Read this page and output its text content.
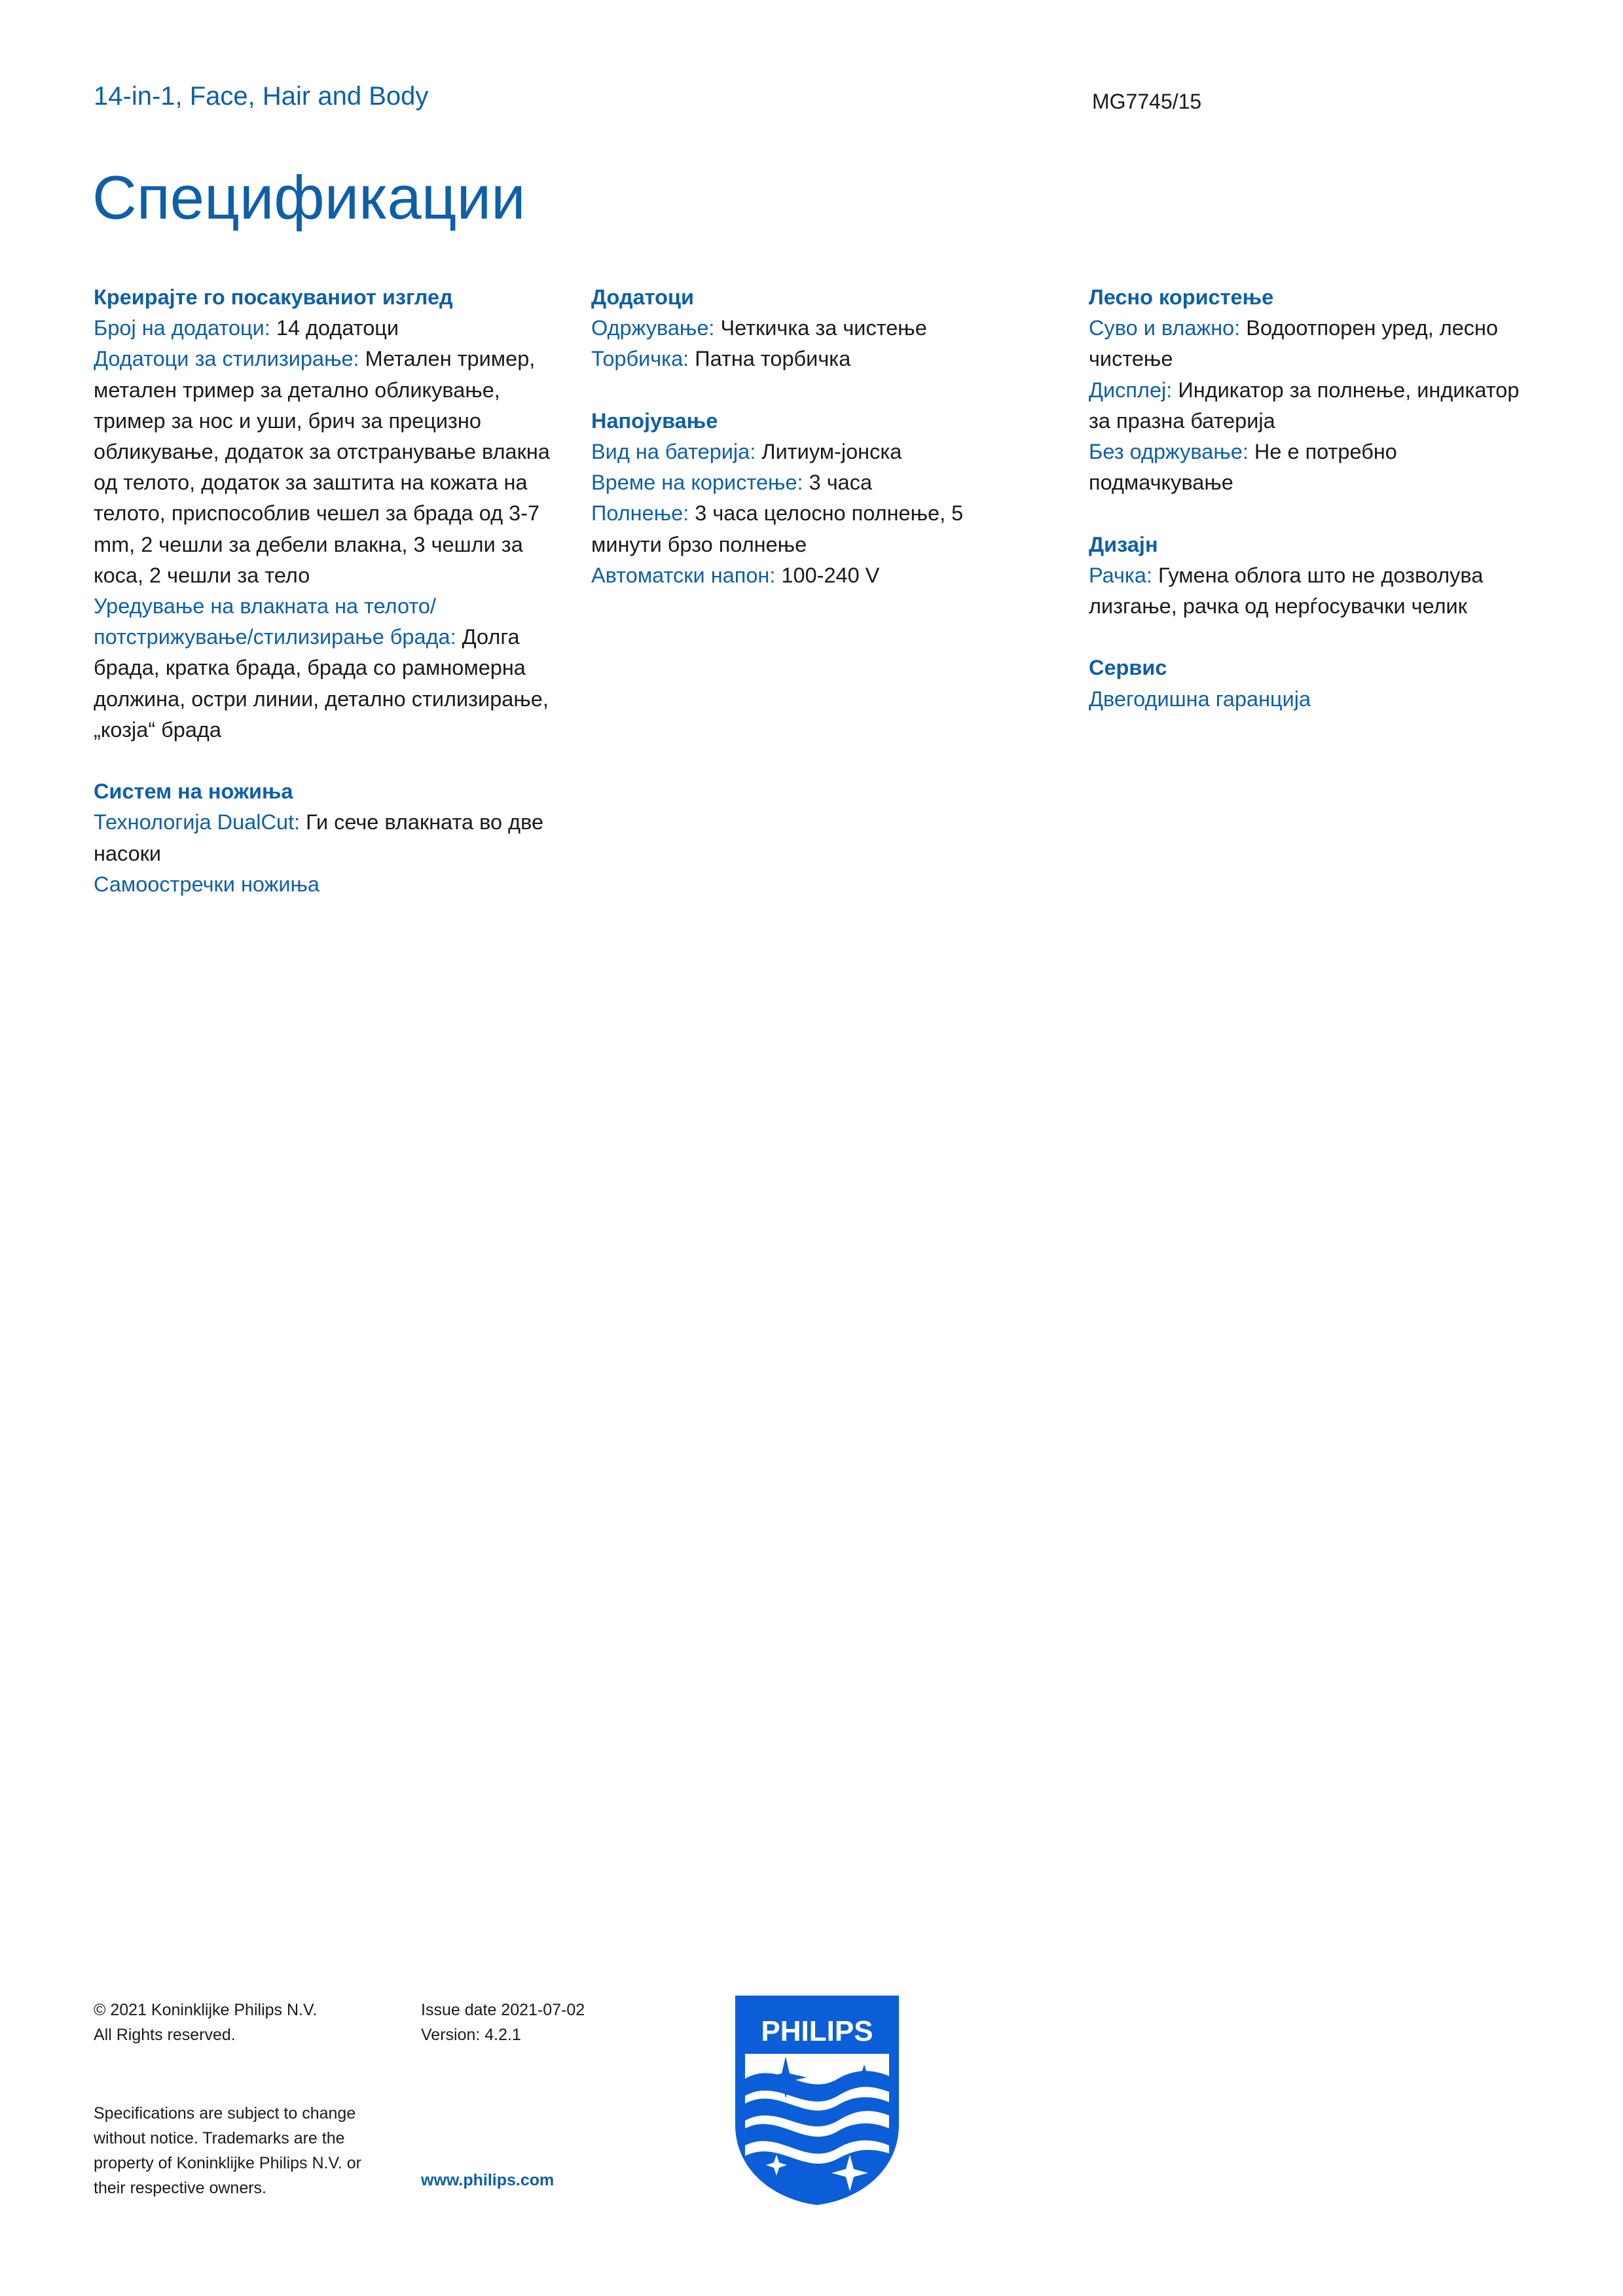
14-in-1, Face, Hair and Body	MG7745/15
Спецификации
Креирајте го посакуваниот изглед
Број на додатоци: 14 додатоци
Додатоци за стилизирање: Метален тример, метален тример за детално обликување, тример за нос и уши, брич за прецизно обликување, додаток за отстранување влакна од телото, додаток за заштита на кожата на телото, приспособлив чешел за брада од 3-7 mm, 2 чешли за дебели влакна, 3 чешли за коса, 2 чешли за тело
Уредување на влакната на телото/потстрижување/стилизирање брада: Долга брада, кратка брада, брада со рамномерна должина, остри линии, детално стилизирање, „козја“ брада
Систем на ножиња
Технологија DualCut: Ги сече влакната во две насоки
Самоостречки ножиња
Додатоци
Одржување: Четкичка за чистење
Торбичка: Патна торбичка
Напојување
Вид на батерија: Литиум-јонска
Време на користење: 3 часа
Полнење: 3 часа целосно полнење, 5 минути брзо полнење
Автоматски напон: 100-240 V
Лесно користење
Суво и влажно: Водоотпорен уред, лесно чистење
Дисплеј: Индикатор за полнење, индикатор за празна батерија
Без одржување: Не е потребно подмачкување
Дизајн
Рачка: Гумена облога што не дозволува лизгање, рачка од нерѓосувачки челик
Сервис
Двегодишна гаранција
© 2021 Koninklijke Philips N.V.
All Rights reserved.
Issue date 2021-07-02
Version: 4.2.1
Specifications are subject to change
without notice. Trademarks are the
property of Koninklijke Philips N.V. or
their respective owners.	www.philips.com
PHILIPS
